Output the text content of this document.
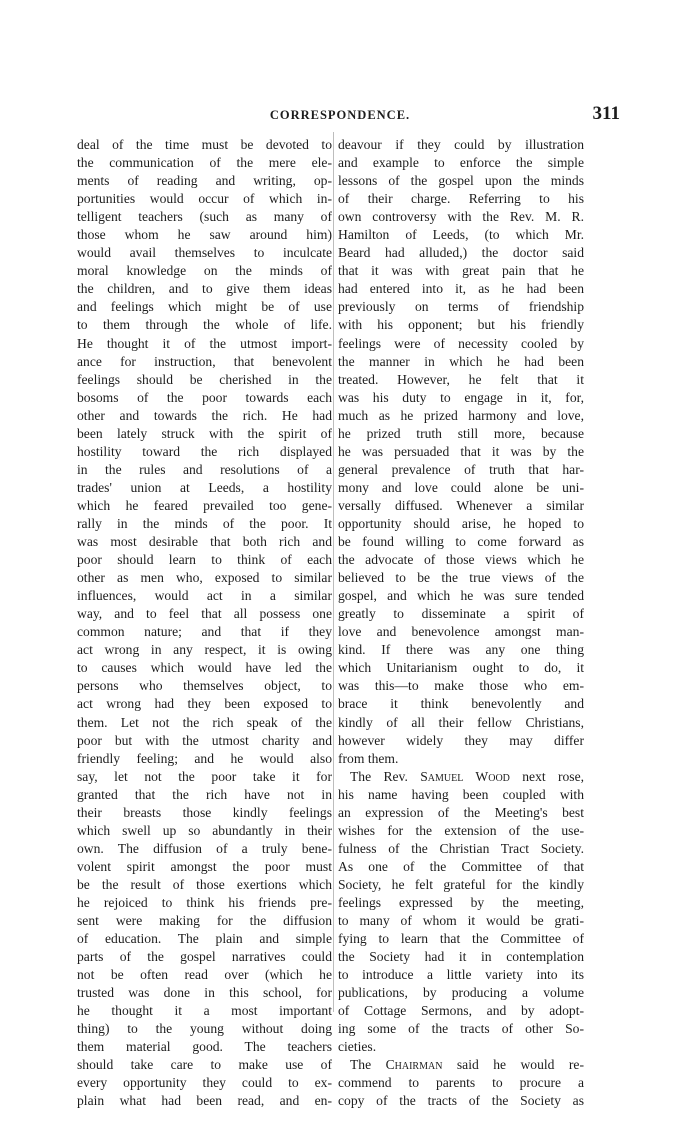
CORRESPONDENCE.	311
deal of the time must be devoted to
the communication of the mere ele-
ments of reading and writing, op-
portunities would occur of which in-
telligent teachers (such as many of
those whom he saw around him)
would avail themselves to inculcate
moral knowledge on the minds of
the children, and to give them ideas
and feelings which might be of use
to them through the whole of life.
He thought it of the utmost import-
ance for instruction, that benevolent
feelings should be cherished in the
bosoms of the poor towards each
other and towards the rich. He had
been lately struck with the spirit of
hostility toward the rich displayed
in the rules and resolutions of a
trades' union at Leeds, a hostility
which he feared prevailed too gene-
rally in the minds of the poor. It
was most desirable that both rich and
poor should learn to think of each
other as men who, exposed to similar
influences, would act in a similar
way, and to feel that all possess one
common nature; and that if they
act wrong in any respect, it is owing
to causes which would have led the
persons who themselves object, to
act wrong had they been exposed to
them. Let not the rich speak of the
poor but with the utmost charity and
friendly feeling; and he would also
say, let not the poor take it for
granted that the rich have not in
their breasts those kindly feelings
which swell up so abundantly in their
own. The diffusion of a truly bene-
volent spirit amongst the poor must
be the result of those exertions which
he rejoiced to think his friends pre-
sent were making for the diffusion
of education. The plain and simple
parts of the gospel narratives could
not be often read over (which he
trusted was done in this school, for
he thought it a most important
thing) to the young without doing
them material good. The teachers
should take care to make use of
every opportunity they could to ex-
plain what had been read, and en-

deavour if they could by illustration
and example to enforce the simple
lessons of the gospel upon the minds
of their charge. Referring to his
own controversy with the Rev. M. R.
Hamilton of Leeds, (to which Mr.
Beard had alluded,) the doctor said
that it was with great pain that he
had entered into it, as he had been
previously on terms of friendship
with his opponent; but his friendly
feelings were of necessity cooled by
the manner in which he had been
treated. However, he felt that it
was his duty to engage in it, for,
much as he prized harmony and love,
he prized truth still more, because
he was persuaded that it was by the
general prevalence of truth that har-
mony and love could alone be uni-
versally diffused. Whenever a similar
opportunity should arise, he hoped to
be found willing to come forward as
the advocate of those views which he
believed to be the true views of the
gospel, and which he was sure tended
greatly to disseminate a spirit of
love and benevolence amongst man-
kind. If there was any one thing
which Unitarianism ought to do, it
was this—to make those who em-
brace it think benevolently and
kindly of all their fellow Christians,
however widely they may differ
from them.

The Rev. Samuel Wood next rose,
his name having been coupled with
an expression of the Meeting's best
wishes for the extension of the use-
fulness of the Christian Tract Society.
As one of the Committee of that
Society, he felt grateful for the kindly
feelings expressed by the meeting,
to many of whom it would be grati-
fying to learn that the Committee of
the Society had it in contemplation
to introduce a little variety into its
publications, by producing a volume
of Cottage Sermons, and by adopt-
ing some of the tracts of other So-
cieties.

The Chairman said he would re-
commend to parents to procure a
copy of the tracts of the Society as
